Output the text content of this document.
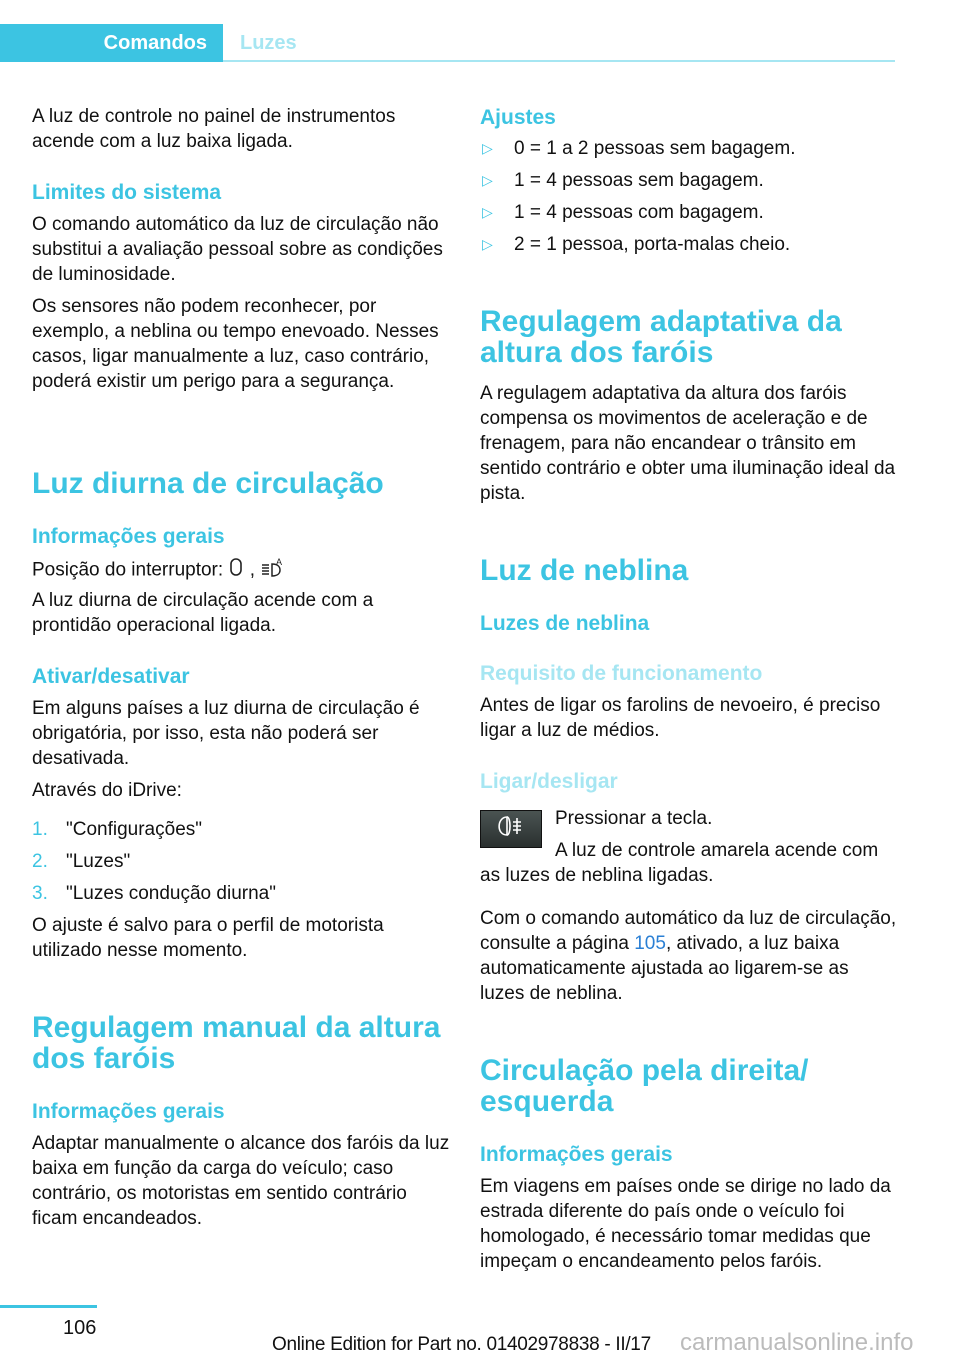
Comandos	Luzes

A luz de controle no painel de instrumentos acende com a luz baixa ligada.

Limites do sistema

O comando automático da luz de circulação não substitui a avaliação pessoal sobre as condições de luminosidade.

Os sensores não podem reconhecer, por exemplo, a neblina ou tempo enevoado. Nesses casos, ligar manualmente a luz, caso contrário, poderá existir um perigo para a segurança.

Luz diurna de circulação
Informações gerais
Posição do interruptor: , A

A luz diurna de circulação acende com a prontidão operacional ligada.

Ativar/desativar

Em alguns países a luz diurna de circulação é obrigatória, por isso, esta não poderá ser desativada.

Através do iDrive:

1. "Configurações"
2. "Luzes"
3. "Luzes condução diurna"

O ajuste é salvo para o perfil de motorista utilizado nesse momento.

Regulagem manual da altura dos faróis
Informações gerais

Adaptar manualmente o alcance dos faróis da luz baixa em função da carga do veículo; caso contrário, os motoristas em sentido contrário ficam encandeados.

Ajustes
▷ 0 = 1 a 2 pessoas sem bagagem.
▷ 1 = 4 pessoas sem bagagem.
▷ 1 = 4 pessoas com bagagem.
▷ 2 = 1 pessoa, porta-malas cheio.
Regulagem adaptativa da altura dos faróis

A regulagem adaptativa da altura dos faróis compensa os movimentos de aceleração e de frenagem, para não encandear o trânsito em sentido contrário e obter uma iluminação ideal da pista.

Luz de neblina
Luzes de neblina
Requisito de funcionamento

Antes de ligar os farolins de nevoeiro, é preciso ligar a luz de médios.

Ligar/desligar

Pressionar a tecla.

A luz de controle amarela acende com

as luzes de neblina ligadas.

Com o comando automático da luz de circulação, consulte a página 105, ativado, a luz baixa automaticamente ajustada ao ligarem-se as luzes de neblina.

Circulação pela direita/ esquerda
Informações gerais

Em viagens em países onde se dirige no lado da estrada diferente do país onde o veículo foi homologado, é necessário tomar medidas que impeçam o encandeamento pelos faróis.

106
Online Edition for Part no. 01402978838 - II/17 carmanualsonline.info
